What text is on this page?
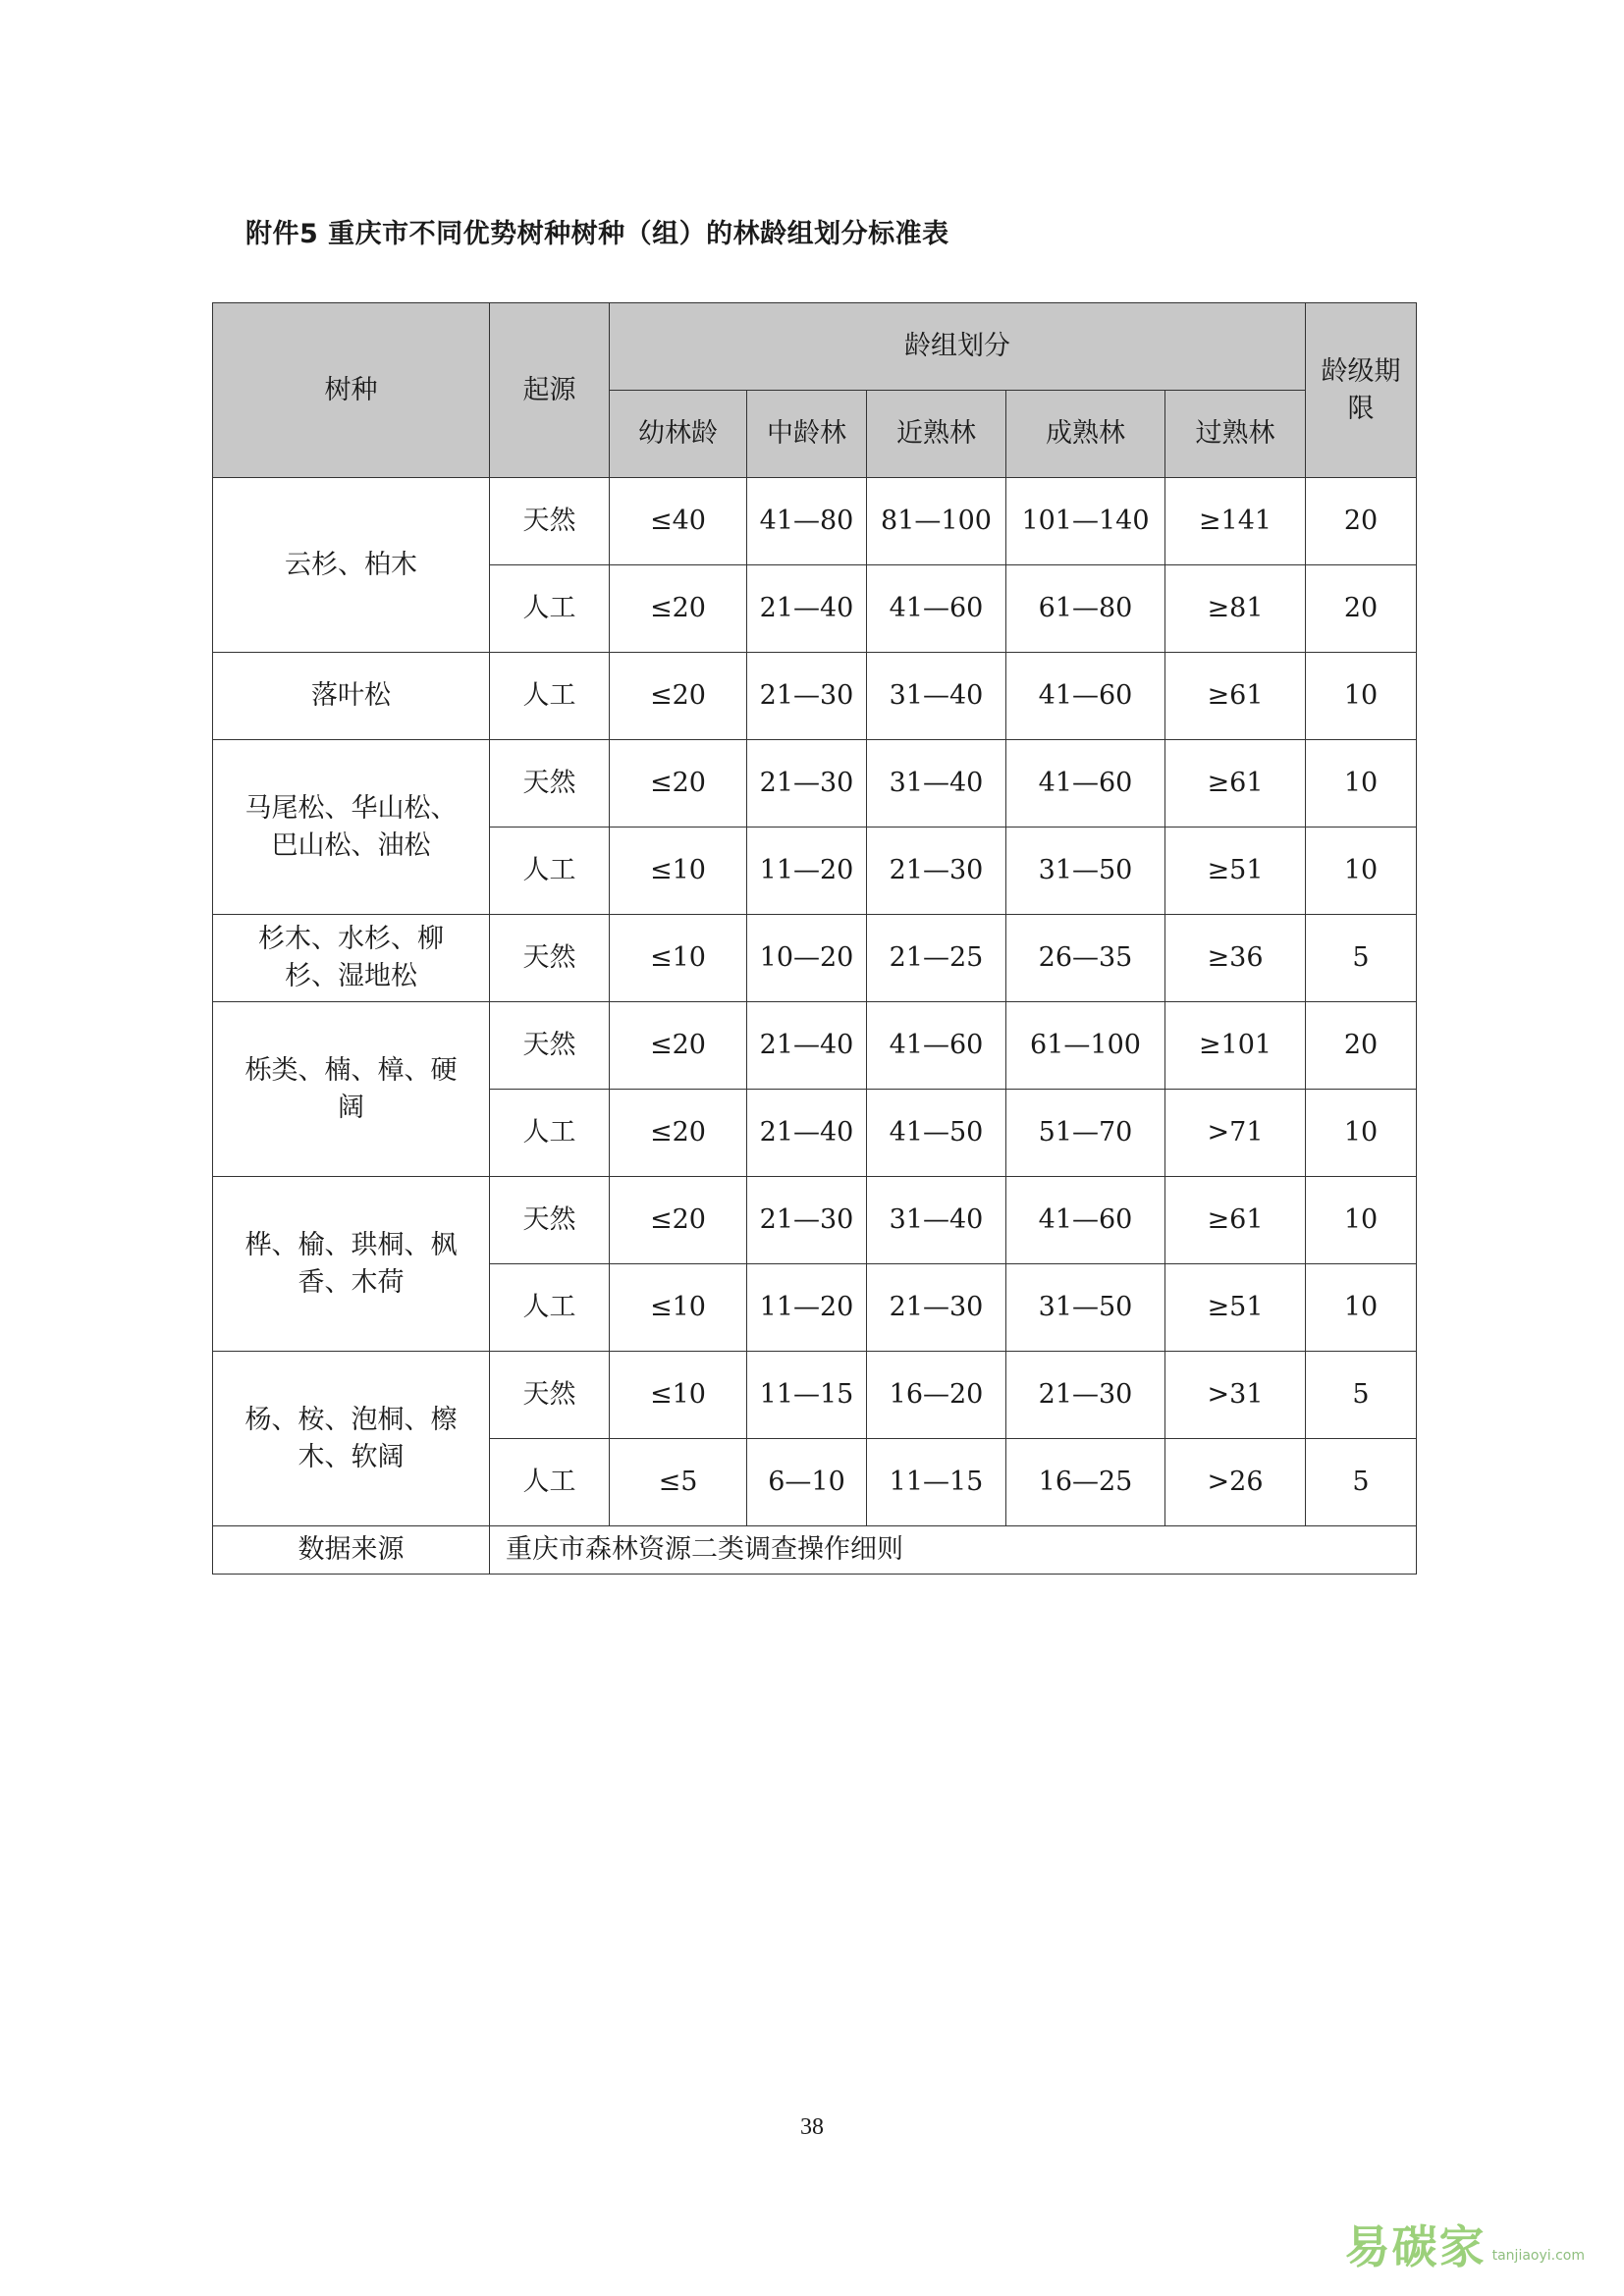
附件5 重庆市不同优势树种树种（组）的林龄组划分标准表
树种	起源	龄组划分					龄级期限
		幼林龄	中龄林	近熟林	成熟林	过熟林	
云杉、柏木	天然	≤40	41—80	81—100	101—140	≥141	20
	人工	≤20	21—40	41—60	61—80	≥81	20
落叶松	人工	≤20	21—30	31—40	41—60	≥61	10
马尾松、华山松、巴山松、油松	天然	≤20	21—30	31—40	41—60	≥61	10
	人工	≤10	11—20	21—30	31—50	≥51	10
杉木、水杉、柳杉、湿地松	天然	≤10	10—20	21—25	26—35	≥36	5
栎类、楠、樟、硬阔	天然	≤20	21—40	41—60	61—100	≥101	20
	人工	≤20	21—40	41—50	51—70	>71	10
桦、榆、珙桐、枫香、木荷	天然	≤20	21—30	31—40	41—60	≥61	10
	人工	≤10	11—20	21—30	31—50	≥51	10
杨、桉、泡桐、檫木、软阔	天然	≤10	11—15	16—20	21—30	>31	5
	人工	≤5	6—10	11—15	16—25	>26	5
数据来源	重庆市森林资源二类调查操作细则						
38
易碳家 tanjiaoyi.com
